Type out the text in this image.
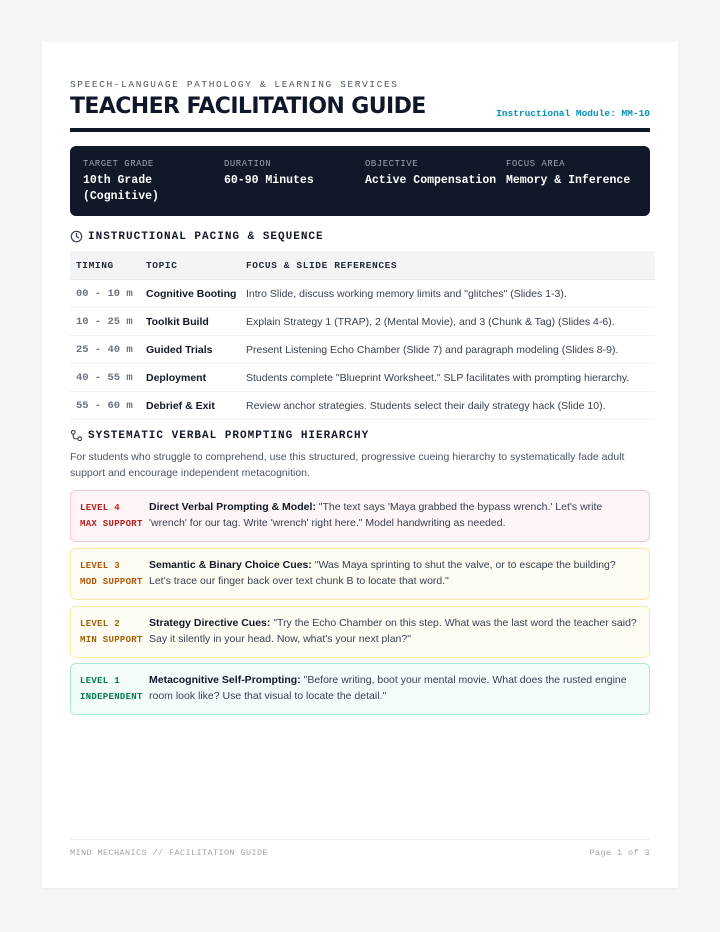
SPEECH-LANGUAGE PATHOLOGY & LEARNING SERVICES
TEACHER FACILITATION GUIDE	Instructional Module: MM-10
TARGET GRADE
10th Grade
(Cognitive)
DURATION
60-90 Minutes
OBJECTIVE
Active Compensation
FOCUS AREA
Memory & Inference
INSTRUCTIONAL PACING & SEQUENCE
TIMING	TOPIC	FOCUS & SLIDE REFERENCES
00 - 10 m	Cognitive Booting	Intro Slide, discuss working memory limits and "glitches" (Slides 1-3).
10 - 25 m	Toolkit Build	Explain Strategy 1 (TRAP), 2 (Mental Movie), and 3 (Chunk & Tag) (Slides 4-6).
25 - 40 m	Guided Trials	Present Listening Echo Chamber (Slide 7) and paragraph modeling (Slides 8-9).
40 - 55 m	Deployment	Students complete "Blueprint Worksheet." SLP facilitates with prompting hierarchy.
55 - 60 m	Debrief & Exit	Review anchor strategies. Students select their daily strategy hack (Slide 10).
SYSTEMATIC VERBAL PROMPTING HIERARCHY
For students who struggle to comprehend, use this structured, progressive cueing hierarchy to systematically fade adult support and encourage independent metacognition.
LEVEL 4
MAX SUPPORT
Direct Verbal Prompting & Model: "The text says 'Maya grabbed the bypass wrench.' Let's write 'wrench' for our tag. Write 'wrench' right here." Model handwriting as needed.
LEVEL 3
MOD SUPPORT
Semantic & Binary Choice Cues: "Was Maya sprinting to shut the valve, or to escape the building? Let's trace our finger back over text chunk B to locate that word."
LEVEL 2
MIN SUPPORT
Strategy Directive Cues: "Try the Echo Chamber on this step. What was the last word the teacher said? Say it silently in your head. Now, what's your next plan?"
LEVEL 1
INDEPENDENT
Metacognitive Self-Prompting: "Before writing, boot your mental movie. What does the rusted engine room look like? Use that visual to locate the detail."
MIND MECHANICS // FACILITATION GUIDE	Page 1 of 3
